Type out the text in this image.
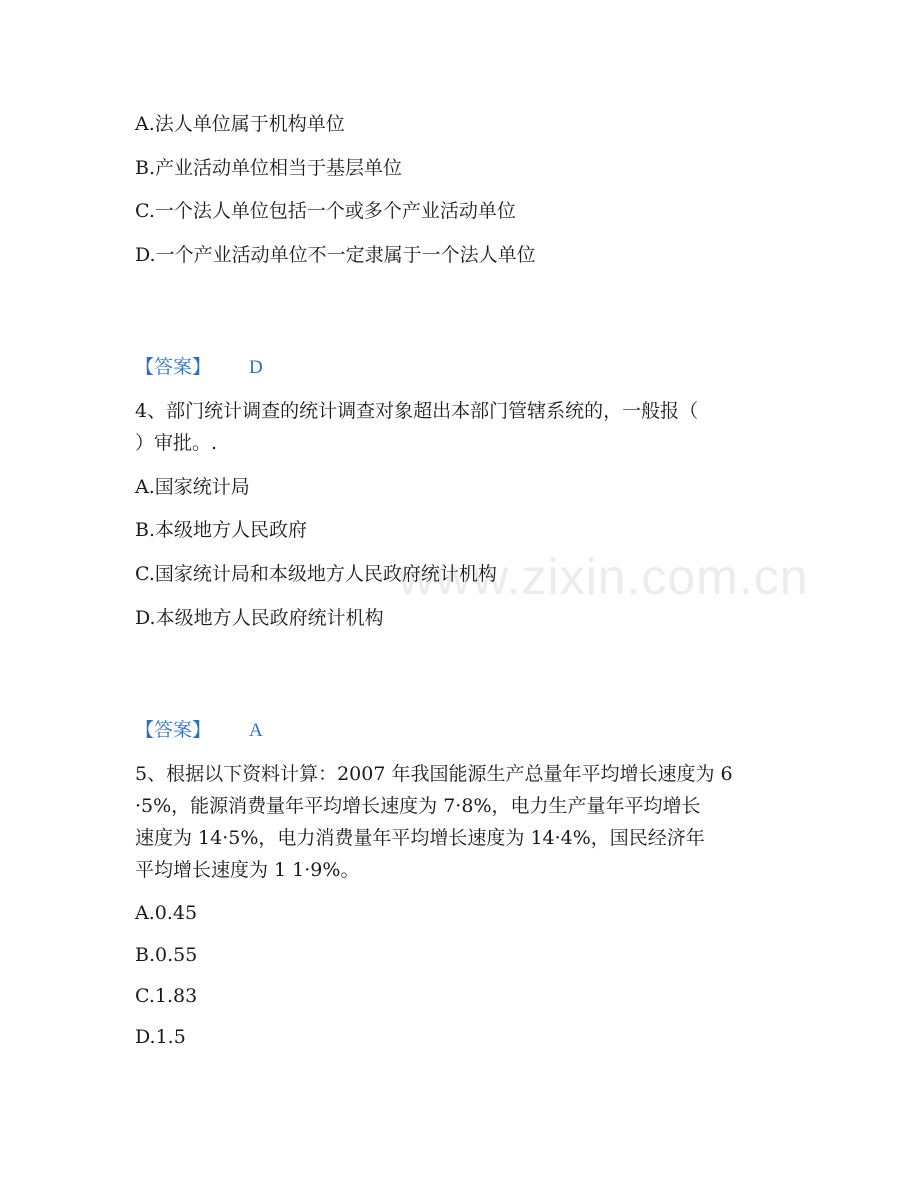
www.zixin.com.cn
A.法人单位属于机构单位
B.产业活动单位相当于基层单位
C.一个法人单位包括一个或多个产业活动单位
D.一个产业活动单位不一定隶属于一个法人单位
【答案】 D
4、部门统计调查的统计调查对象超出本部门管辖系统的，一般报（
）审批。.
A.国家统计局
B.本级地方人民政府
C.国家统计局和本级地方人民政府统计机构
D.本级地方人民政府统计机构
【答案】 A
5、根据以下资料计算：2007 年我国能源生产总量年平均增长速度为 6
·5%，能源消费量年平均增长速度为 7·8%，电力生产量年平均增长
速度为 14·5%，电力消费量年平均增长速度为 14·4%，国民经济年
平均增长速度为 1 1·9%。
A.0.45
B.0.55
C.1.83
D.1.5
